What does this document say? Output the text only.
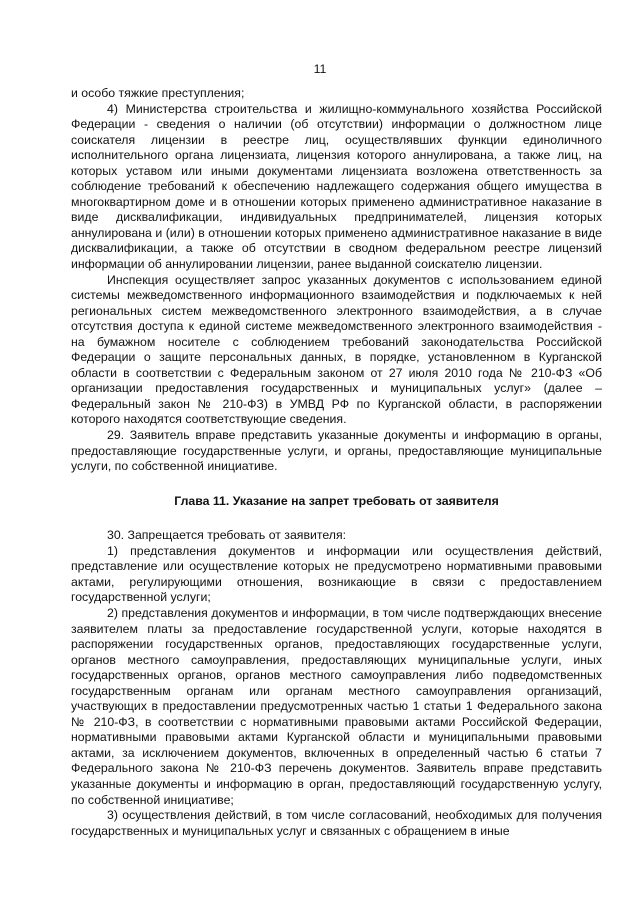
11

и особо тяжкие преступления;

4) Министерства строительства и жилищно-коммунального хозяйства Российской Федерации - сведения о наличии (об отсутствии) информации о должностном лице соискателя лицензии в реестре лиц, осуществлявших функции единоличного исполнительного органа лицензиата, лицензия которого аннулирована, а также лиц, на которых уставом или иными документами лицензиата возложена ответственность за соблюдение требований к обеспечению надлежащего содержания общего имущества в многоквартирном доме и в отношении которых применено административное наказание в виде дисквалификации, индивидуальных предпринимателей, лицензия которых аннулирована и (или) в отношении которых применено административное наказание в виде дисквалификации, а также об отсутствии в сводном федеральном реестре лицензий информации об аннулировании лицензии, ранее выданной соискателю лицензии.

Инспекция осуществляет запрос указанных документов с использованием единой системы межведомственного информационного взаимодействия и подключаемых к ней региональных систем межведомственного электронного взаимодействия, а в случае отсутствия доступа к единой системе межведомственного электронного взаимодействия - на бумажном носителе с соблюдением требований законодательства Российской Федерации о защите персональных данных, в порядке, установленном в Курганской области в соответствии с Федеральным законом от 27 июля 2010 года № 210-ФЗ «Об организации предоставления государственных и муниципальных услуг» (далее – Федеральный закон № 210-ФЗ) в УМВД РФ по Курганской области, в распоряжении которого находятся соответствующие сведения.

29. Заявитель вправе представить указанные документы и информацию в органы, предоставляющие государственные услуги, и органы, предоставляющие муниципальные услуги, по собственной инициативе.

Глава 11. Указание на запрет требовать от заявителя

30. Запрещается требовать от заявителя:

1) представления документов и информации или осуществления действий, представление или осуществление которых не предусмотрено нормативными правовыми актами, регулирующими отношения, возникающие в связи с предоставлением государственной услуги;

2) представления документов и информации, в том числе подтверждающих внесение заявителем платы за предоставление государственной услуги, которые находятся в распоряжении государственных органов, предоставляющих государственные услуги, органов местного самоуправления, предоставляющих муниципальные услуги, иных государственных органов, органов местного самоуправления либо подведомственных государственным органам или органам местного самоуправления организаций, участвующих в предоставлении предусмотренных частью 1 статьи 1 Федерального закона № 210-ФЗ, в соответствии с нормативными правовыми актами Российской Федерации, нормативными правовыми актами Курганской области и муниципальными правовыми актами, за исключением документов, включенных в определенный частью 6 статьи 7 Федерального закона № 210-ФЗ перечень документов. Заявитель вправе представить указанные документы и информацию в орган, предоставляющий государственную услугу, по собственной инициативе;

3) осуществления действий, в том числе согласований, необходимых для получения государственных и муниципальных услуг и связанных с обращением в иные
